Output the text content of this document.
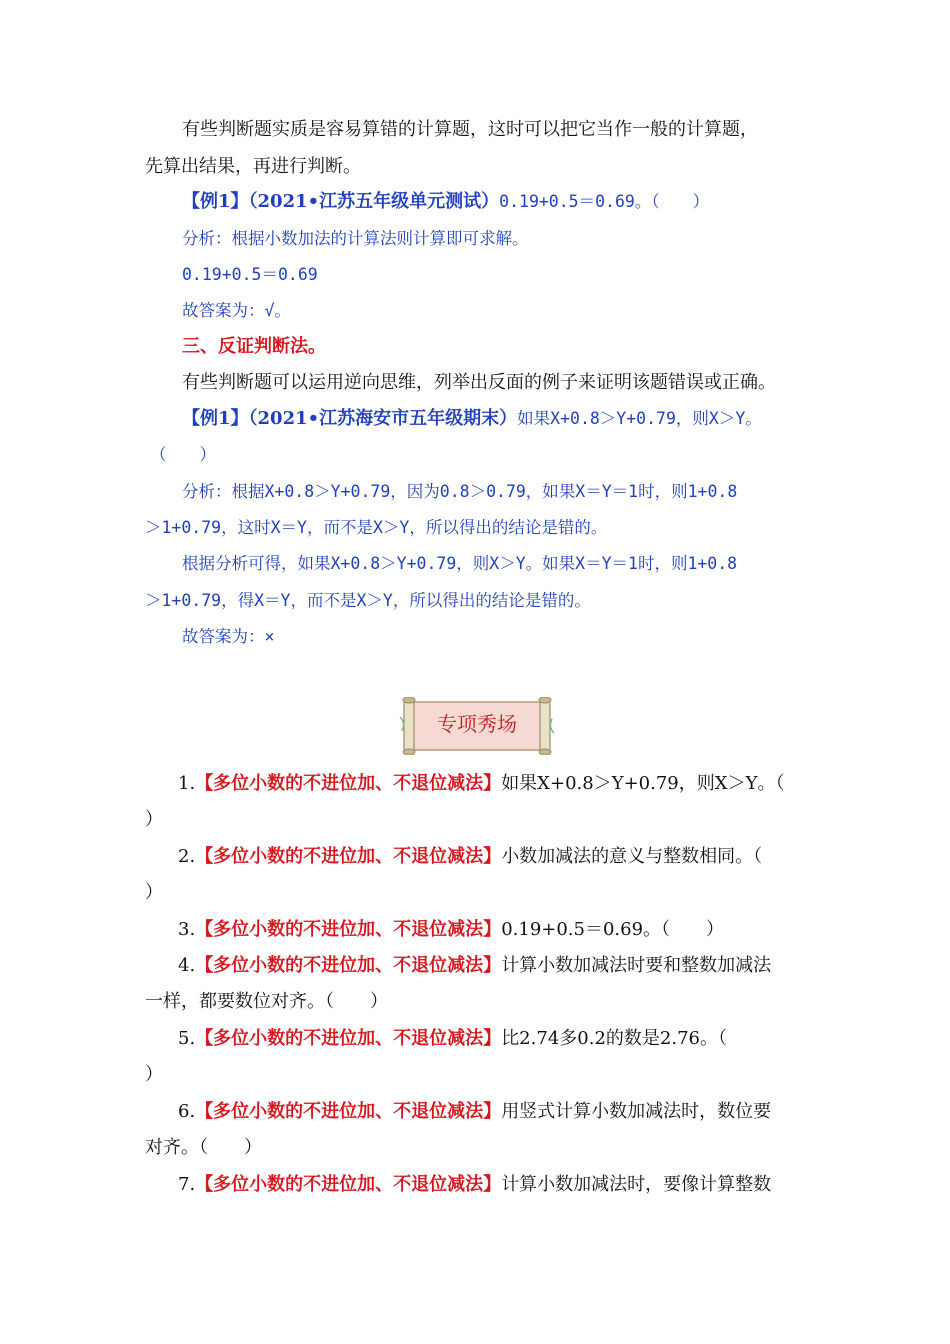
有些判断题实质是容易算错的计算题，这时可以把它当作一般的计算题，
先算出结果，再进行判断。
【例1】（2021•江苏五年级单元测试）0.19+0.5＝0.69。（　　）
分析：根据小数加法的计算法则计算即可求解。
0.19+0.5＝0.69
故答案为：√。
三、反证判断法。
有些判断题可以运用逆向思维，列举出反面的例子来证明该题错误或正确。
【例1】（2021•江苏海安市五年级期末）如果X+0.8＞Y+0.79，则X＞Y。
（　　）
分析：根据X+0.8＞Y+0.79，因为0.8＞0.79，如果X＝Y＝1时，则1+0.8
＞1+0.79，这时X＝Y，而不是X＞Y，所以得出的结论是错的。
根据分析可得，如果X+0.8＞Y+0.79，则X＞Y。如果X＝Y＝1时，则1+0.8
＞1+0.79，得X＝Y，而不是X＞Y，所以得出的结论是错的。
故答案为：×
专项秀场
1.【多位小数的不进位加、不退位减法】如果X+0.8＞Y+0.79，则X＞Y。（
）
2.【多位小数的不进位加、不退位减法】小数加减法的意义与整数相同。（
）
3.【多位小数的不进位加、不退位减法】0.19+0.5＝0.69。（　　）
4.【多位小数的不进位加、不退位减法】计算小数加减法时要和整数加减法
一样，都要数位对齐。（　　）
5.【多位小数的不进位加、不退位减法】比2.74多0.2的数是2.76。（
）
6.【多位小数的不进位加、不退位减法】用竖式计算小数加减法时，数位要
对齐。（　　）
7.【多位小数的不进位加、不退位减法】计算小数加减法时，要像计算整数
